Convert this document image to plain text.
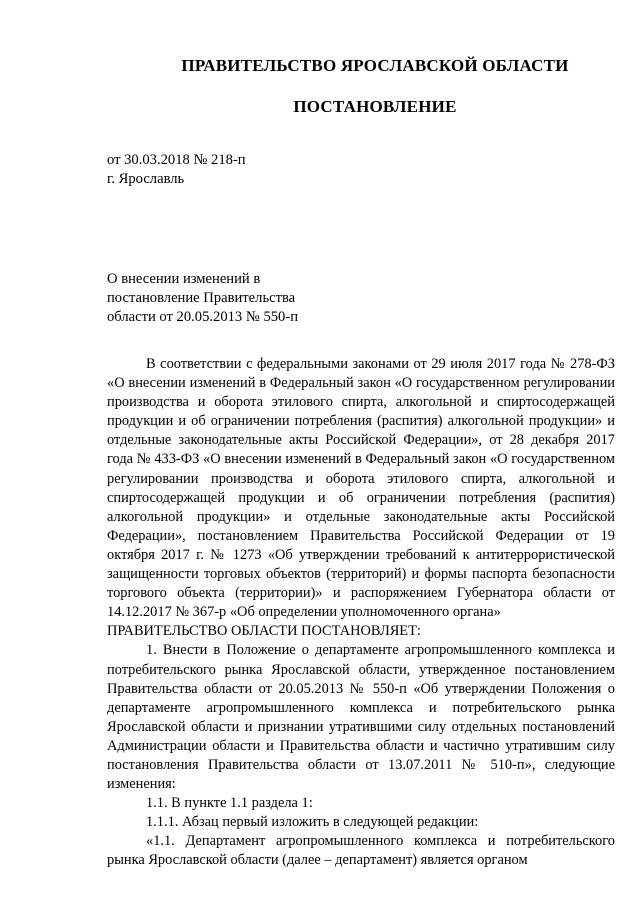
ПРАВИТЕЛЬСТВО ЯРОСЛАВСКОЙ ОБЛАСТИ
ПОСТАНОВЛЕНИЕ
от 30.03.2018 № 218-п
г. Ярославль
О внесении изменений в
постановление Правительства
области от 20.05.2013 № 550-п

В соответствии с федеральными законами от 29 июля 2017 года № 278-ФЗ «О внесении изменений в Федеральный закон «О государственном регулировании производства и оборота этилового спирта, алкогольной и спиртосодержащей продукции и об ограничении потребления (распития) алкогольной продукции» и отдельные законодательные акты Российской Федерации», от 28 декабря 2017 года № 433-ФЗ «О внесении изменений в Федеральный закон «О государственном регулировании производства и оборота этилового спирта, алкогольной и спиртосодержащей продукции и об ограничении потребления (распития) алкогольной продукции» и отдельные законодательные акты Российской Федерации», постановлением Правительства Российской Федерации от 19 октября 2017 г. № 1273 «Об утверждении требований к антитеррористической защищенности торговых объектов (территорий) и формы паспорта безопасности торгового объекта (территории)» и распоряжением Губернатора области от 14.12.2017 № 367-р «Об определении уполномоченного органа»

ПРАВИТЕЛЬСТВО ОБЛАСТИ ПОСТАНОВЛЯЕТ:

1. Внести в Положение о департаменте агропромышленного комплекса и потребительского рынка Ярославской области, утвержденное постановлением Правительства области от 20.05.2013 № 550-п «Об утверждении Положения о департаменте агропромышленного комплекса и потребительского рынка Ярославской области и признании утратившими силу отдельных постановлений Администрации области и Правительства области и частично утратившим силу постановления Правительства области от 13.07.2011 № 510-п», следующие изменения:

1.1. В пункте 1.1 раздела 1:

1.1.1. Абзац первый изложить в следующей редакции:

«1.1. Департамент агропромышленного комплекса и потребительского рынка Ярославской области (далее – департамент) является органом
